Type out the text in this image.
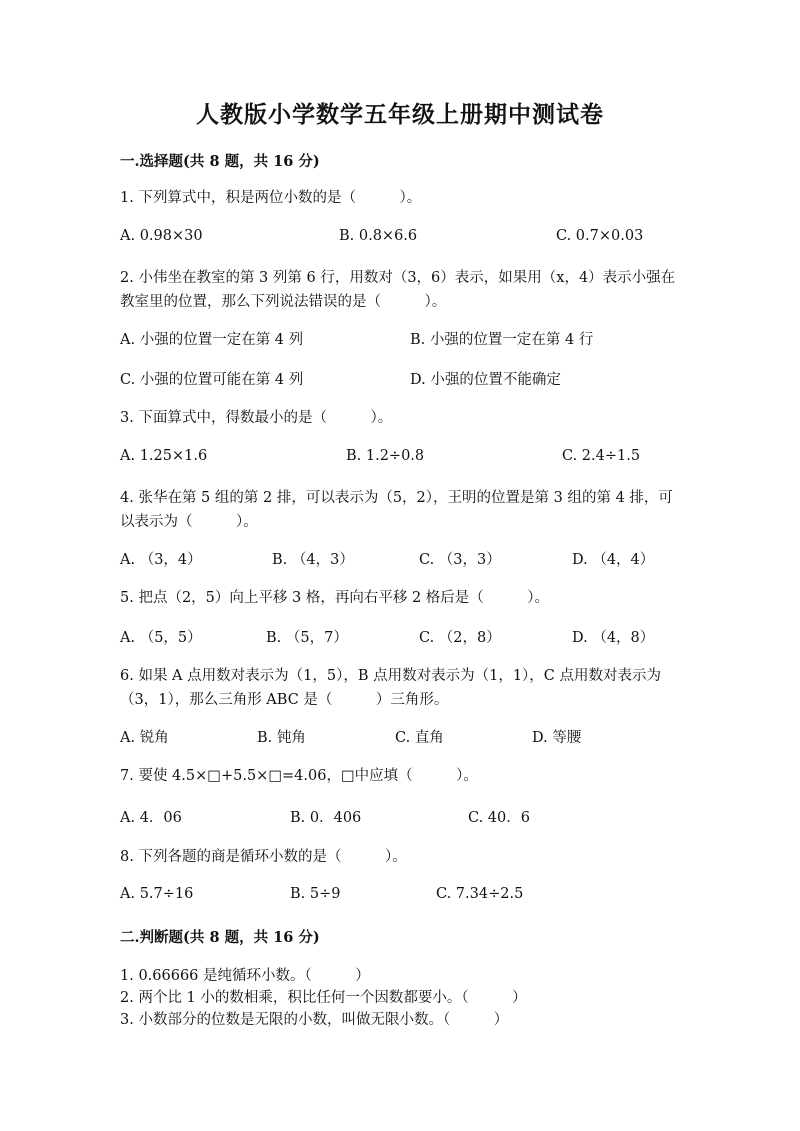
人教版小学数学五年级上册期中测试卷
一.选择题(共 8 题，共 16 分)
1. 下列算式中，积是两位小数的是（　　　）。
A. 0.98×30	B. 0.8×6.6	C. 0.7×0.03
2. 小伟坐在教室的第 3 列第 6 行，用数对（3，6）表示，如果用（x，4）表示小强在教室里的位置，那么下列说法错误的是（　　　）。
A. 小强的位置一定在第 4 列	B. 小强的位置一定在第 4 行
C. 小强的位置可能在第 4 列	D. 小强的位置不能确定
3. 下面算式中，得数最小的是（　　　）。
A. 1.25×1.6	B. 1.2÷0.8	C. 2.4÷1.5
4. 张华在第 5 组的第 2 排，可以表示为（5，2），王明的位置是第 3 组的第 4 排，可以表示为（　　　）。
A. （3，4）	B. （4，3）	C. （3，3）	D. （4，4）
5. 把点（2，5）向上平移 3 格，再向右平移 2 格后是（　　　）。
A. （5，5）	B. （5，7）	C. （2，8）	D. （4，8）
6. 如果 A 点用数对表示为（1，5），B 点用数对表示为（1，1），C 点用数对表示为（3，1），那么三角形 ABC 是（　　　）三角形。
A. 锐角	B. 钝角	C. 直角	D. 等腰
7. 要使 4.5×□+5.5×□=4.06，□中应填（　　　）。
A. 4．06	B. 0．406	C. 40．6
8. 下列各题的商是循环小数的是（　　　）。
A. 5.7÷16	B. 5÷9	C. 7.34÷2.5
二.判断题(共 8 题，共 16 分)
1. 0.66666 是纯循环小数。（　　　）
2. 两个比 1 小的数相乘，积比任何一个因数都要小。（　　　）
3. 小数部分的位数是无限的小数，叫做无限小数。（　　　）
